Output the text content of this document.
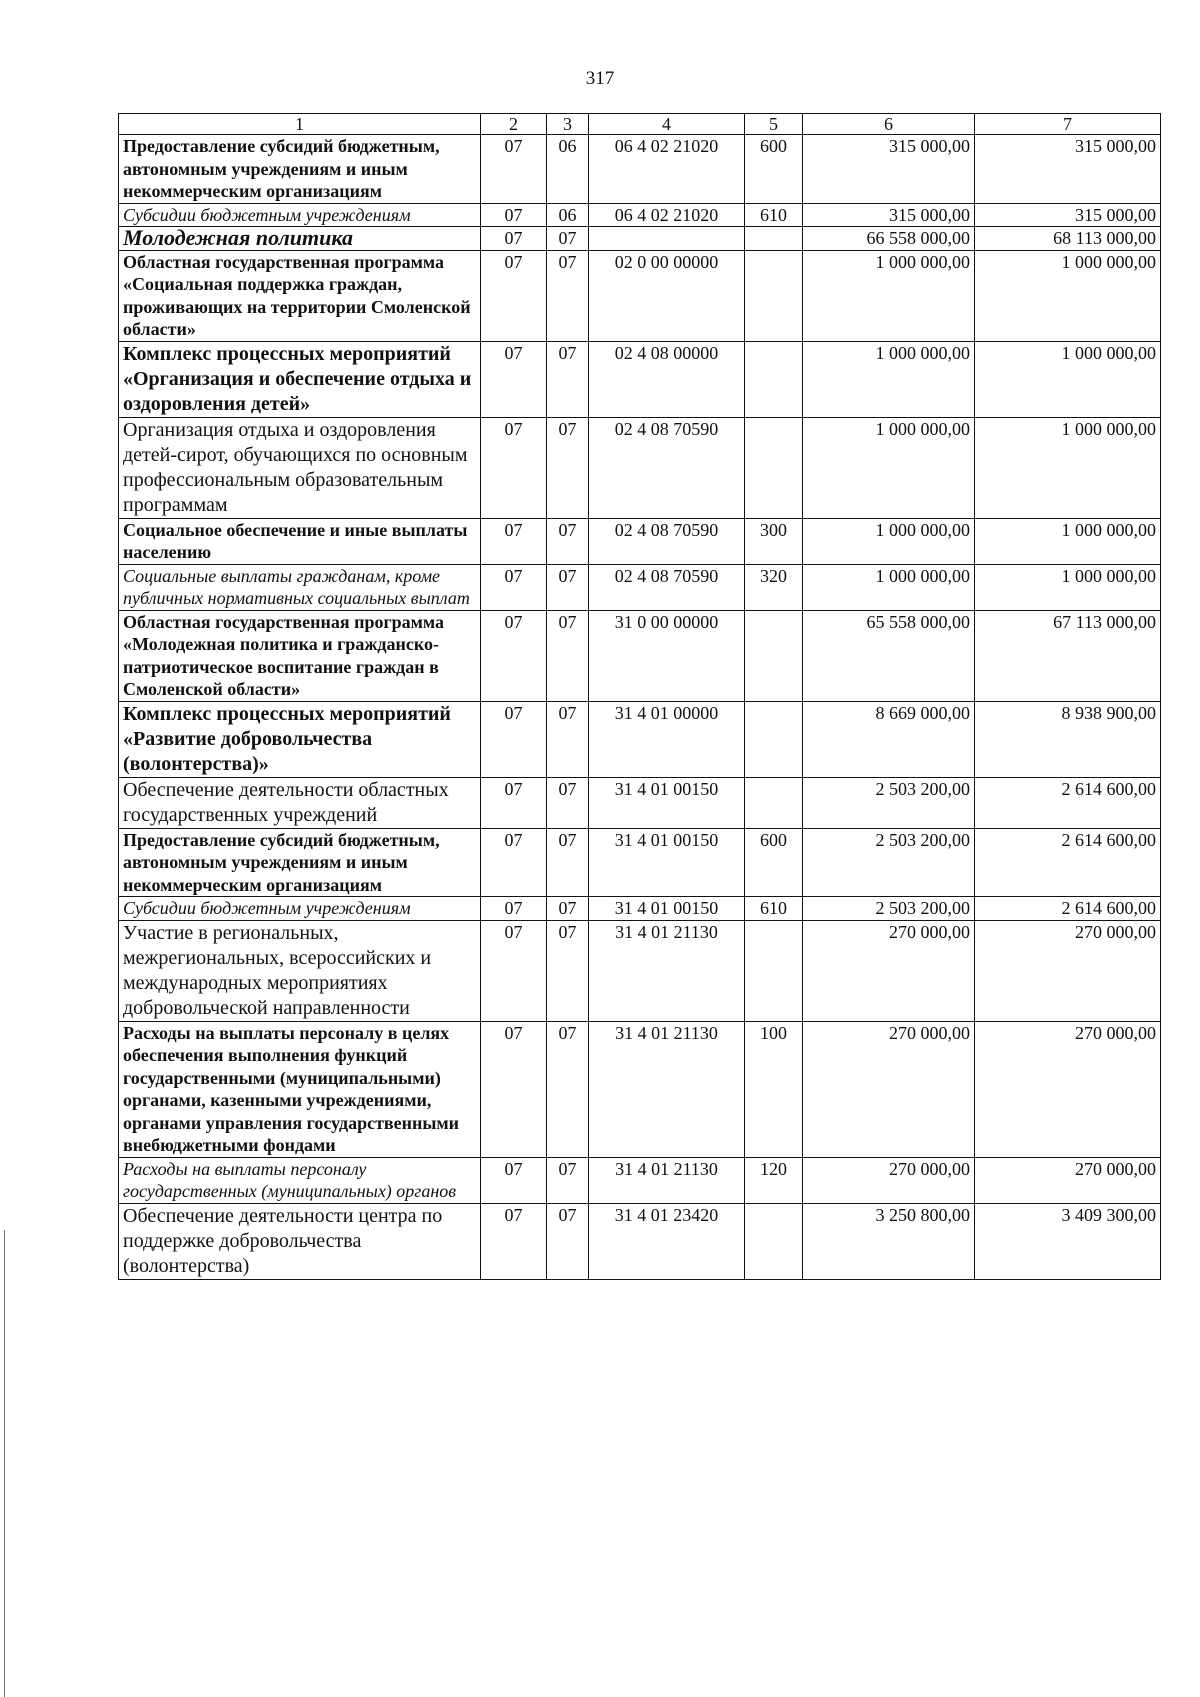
317
1	2	3	4	5	6	7
Предоставление субсидий бюджетным, автономным учреждениям и иным некоммерческим организациям	07	06	06 4 02 21020	600	315 000,00	315 000,00
Субсидии бюджетным учреждениям	07	06	06 4 02 21020	610	315 000,00	315 000,00
Молодежная политика	07	07			66 558 000,00	68 113 000,00
Областная государственная программа «Социальная поддержка граждан, проживающих на территории Смоленской области»	07	07	02 0 00 00000		1 000 000,00	1 000 000,00
Комплекс процессных мероприятий «Организация и обеспечение отдыха и оздоровления детей»	07	07	02 4 08 00000		1 000 000,00	1 000 000,00
Организация отдыха и оздоровления детей-сирот, обучающихся по основным профессиональным образовательным программам	07	07	02 4 08 70590		1 000 000,00	1 000 000,00
Социальное обеспечение и иные выплаты населению	07	07	02 4 08 70590	300	1 000 000,00	1 000 000,00
Социальные выплаты гражданам, кроме публичных нормативных социальных выплат	07	07	02 4 08 70590	320	1 000 000,00	1 000 000,00
Областная государственная программа «Молодежная политика и гражданско-патриотическое воспитание граждан в Смоленской области»	07	07	31 0 00 00000		65 558 000,00	67 113 000,00
Комплекс процессных мероприятий «Развитие добровольчества (волонтерства)»	07	07	31 4 01 00000		8 669 000,00	8 938 900,00
Обеспечение деятельности областных государственных учреждений	07	07	31 4 01 00150		2 503 200,00	2 614 600,00
Предоставление субсидий бюджетным, автономным учреждениям и иным некоммерческим организациям	07	07	31 4 01 00150	600	2 503 200,00	2 614 600,00
Субсидии бюджетным учреждениям	07	07	31 4 01 00150	610	2 503 200,00	2 614 600,00
Участие в региональных, межрегиональных, всероссийских и международных мероприятиях добровольческой направленности	07	07	31 4 01 21130		270 000,00	270 000,00
Расходы на выплаты персоналу в целях обеспечения выполнения функций государственными (муниципальными) органами, казенными учреждениями, органами управления государственными внебюджетными фондами	07	07	31 4 01 21130	100	270 000,00	270 000,00
Расходы на выплаты персоналу государственных (муниципальных) органов	07	07	31 4 01 21130	120	270 000,00	270 000,00
Обеспечение деятельности центра по поддержке добровольчества (волонтерства)	07	07	31 4 01 23420		3 250 800,00	3 409 300,00
